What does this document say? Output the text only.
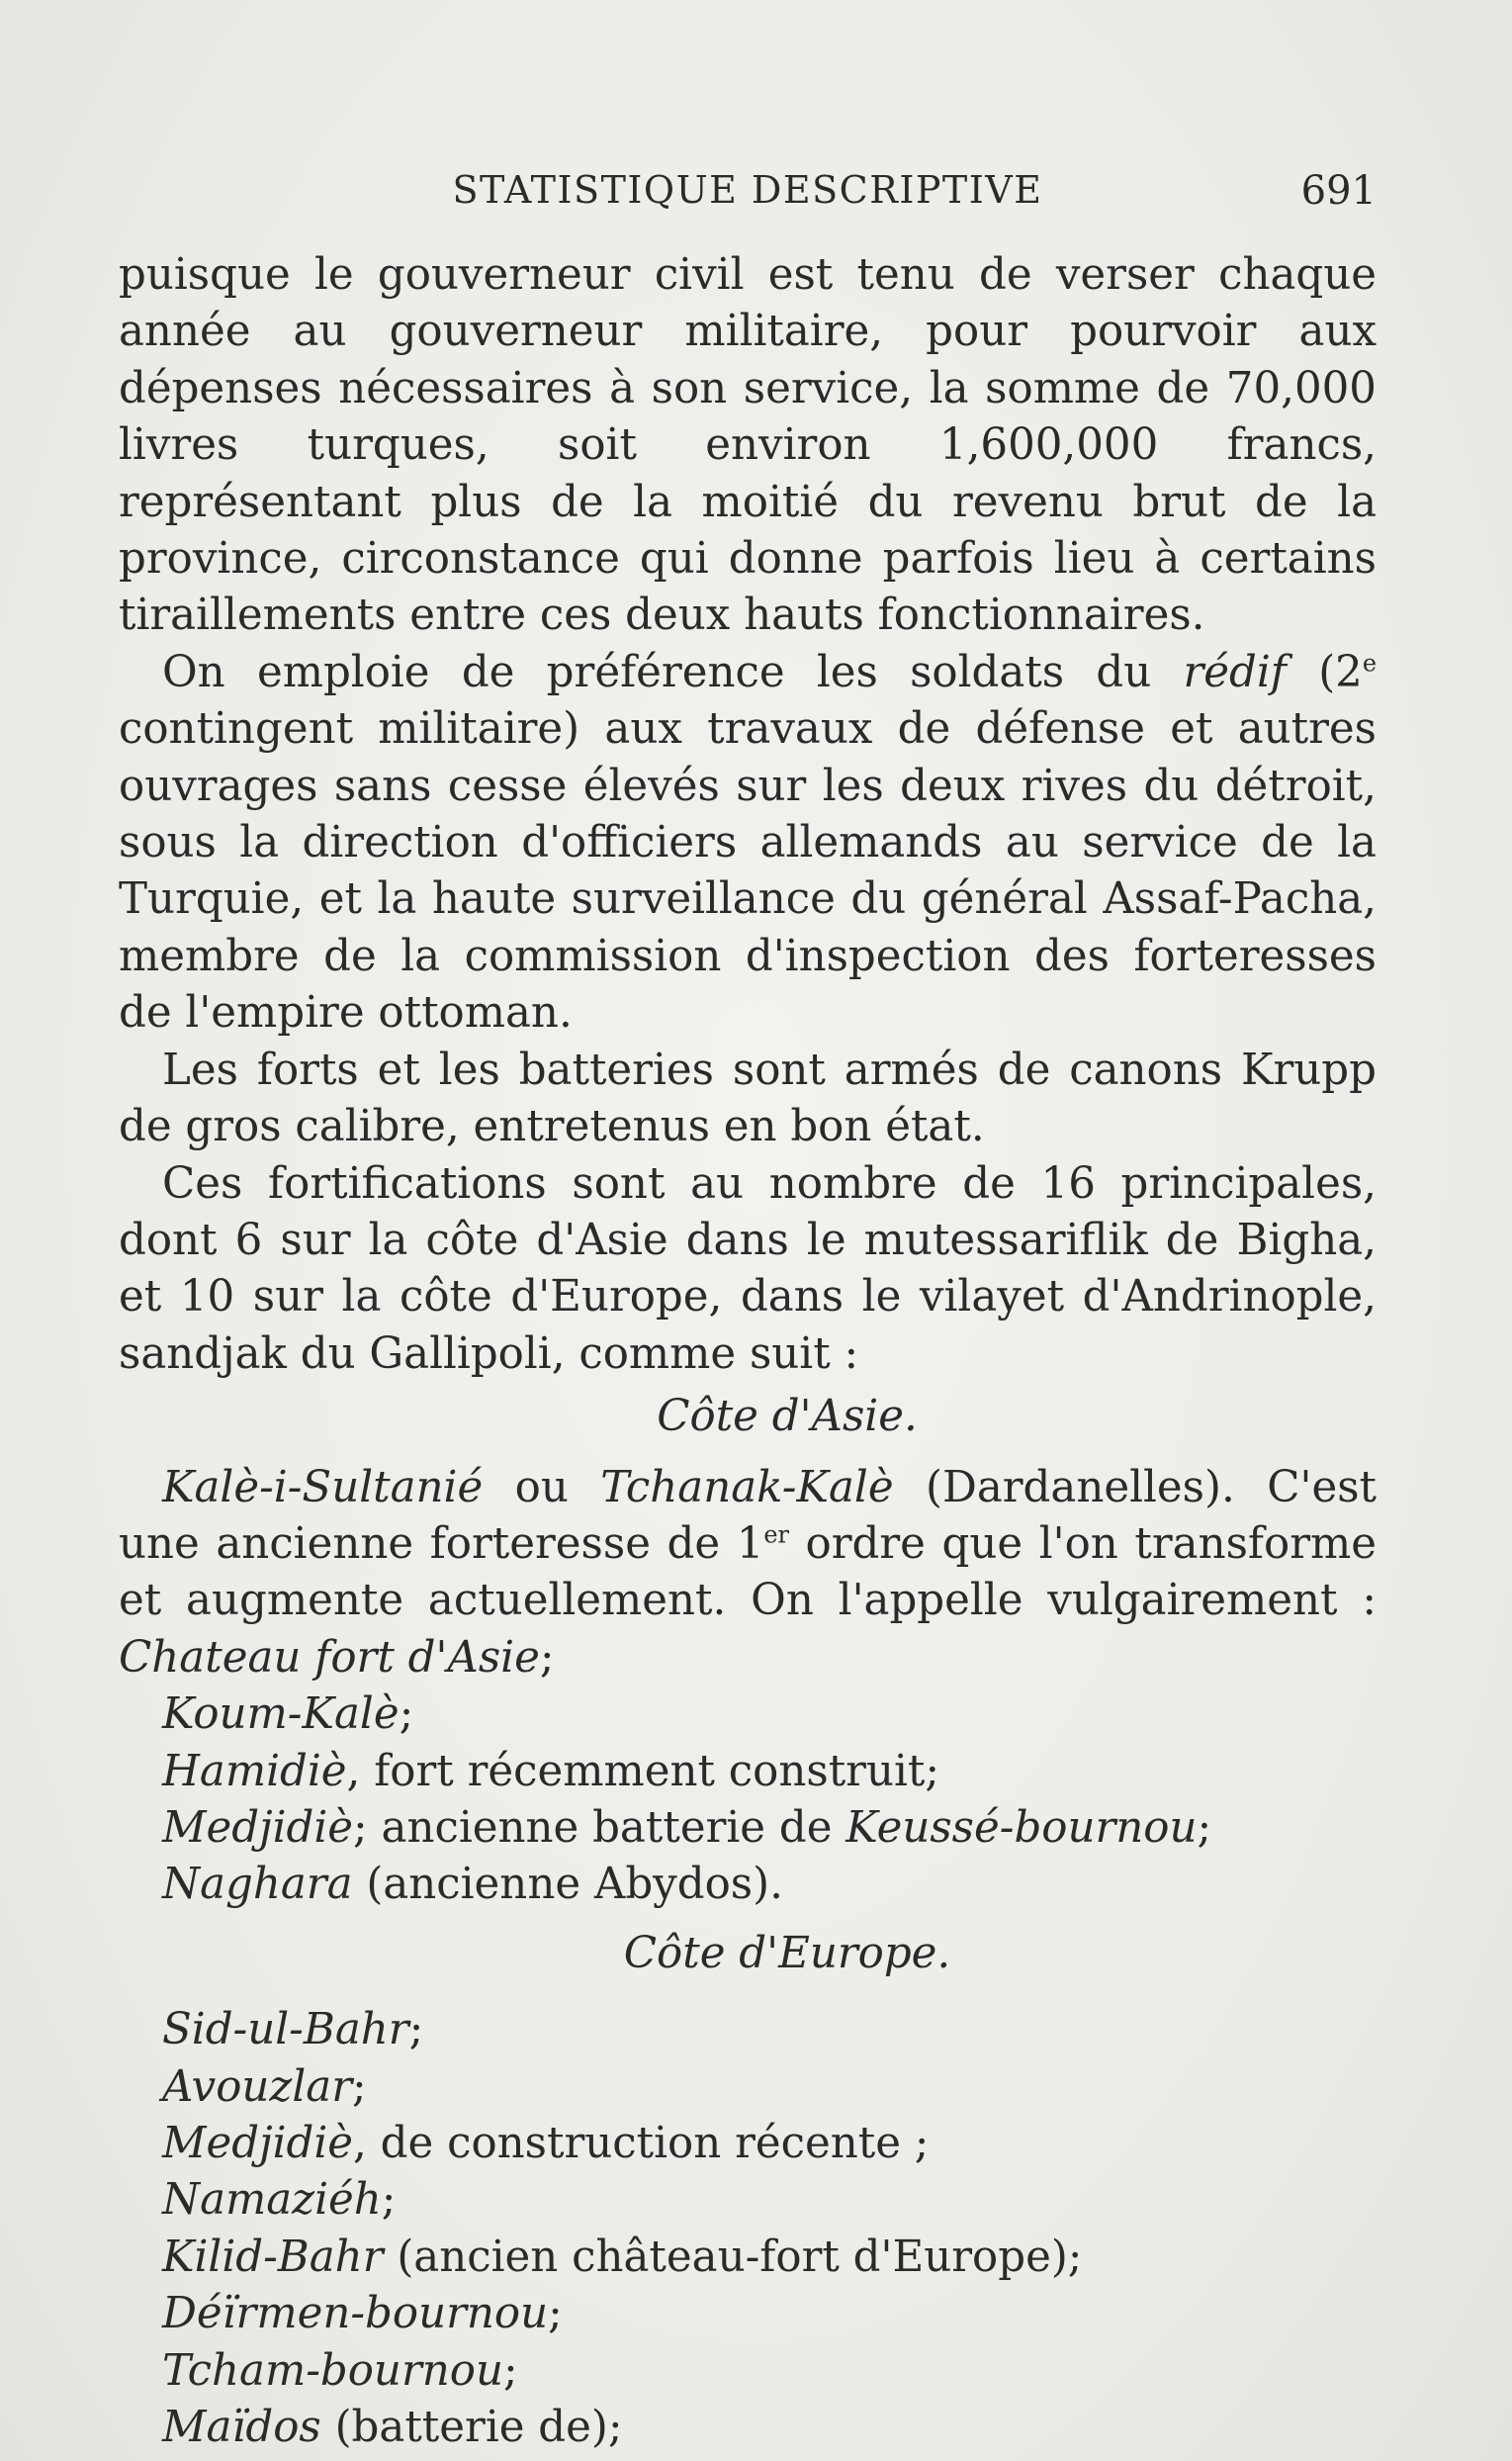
STATISTIQUE DESCRIPTIVE	691

puisque le gouverneur civil est tenu de verser chaque année au gouverneur militaire, pour pourvoir aux dépenses nécessaires à son service, la somme de 70,000 livres turques, soit environ 1,600,000 francs, représentant plus de la moitié du revenu brut de la province, circonstance qui donne parfois lieu à certains tiraillements entre ces deux hauts fonctionnaires.

On emploie de préférence les soldats du rédif (2e contingent militaire) aux travaux de défense et autres ouvrages sans cesse élevés sur les deux rives du détroit, sous la direction d'officiers allemands au service de la Turquie, et la haute surveillance du général Assaf-Pacha, membre de la commission d'inspection des forteresses de l'empire ottoman.

Les forts et les batteries sont armés de canons Krupp de gros calibre, entretenus en bon état.

Ces fortifications sont au nombre de 16 principales, dont 6 sur la côte d'Asie dans le mutessariflik de Bigha, et 10 sur la côte d'Europe, dans le vilayet d'Andrinople, sandjak du Gallipoli, comme suit :

Côte d'Asie.

Kalè-i-Sultanié ou Tchanak-Kalè (Dardanelles). C'est une ancienne forteresse de 1er ordre que l'on transforme et augmente actuellement. On l'appelle vulgairement : Chateau fort d'Asie;

Koum-Kalè;
Hamidiè, fort récemment construit;
Medjidiè; ancienne batterie de Keussé-bournou;
Naghara (ancienne Abydos).
Côte d'Europe.
Sid-ul-Bahr;
Avouzlar;
Medjidiè, de construction récente ;
Namaziéh;
Kilid-Bahr (ancien château-fort d'Europe);
Déïrmen-bournou;
Tcham-bournou;
Maïdos (batterie de);
